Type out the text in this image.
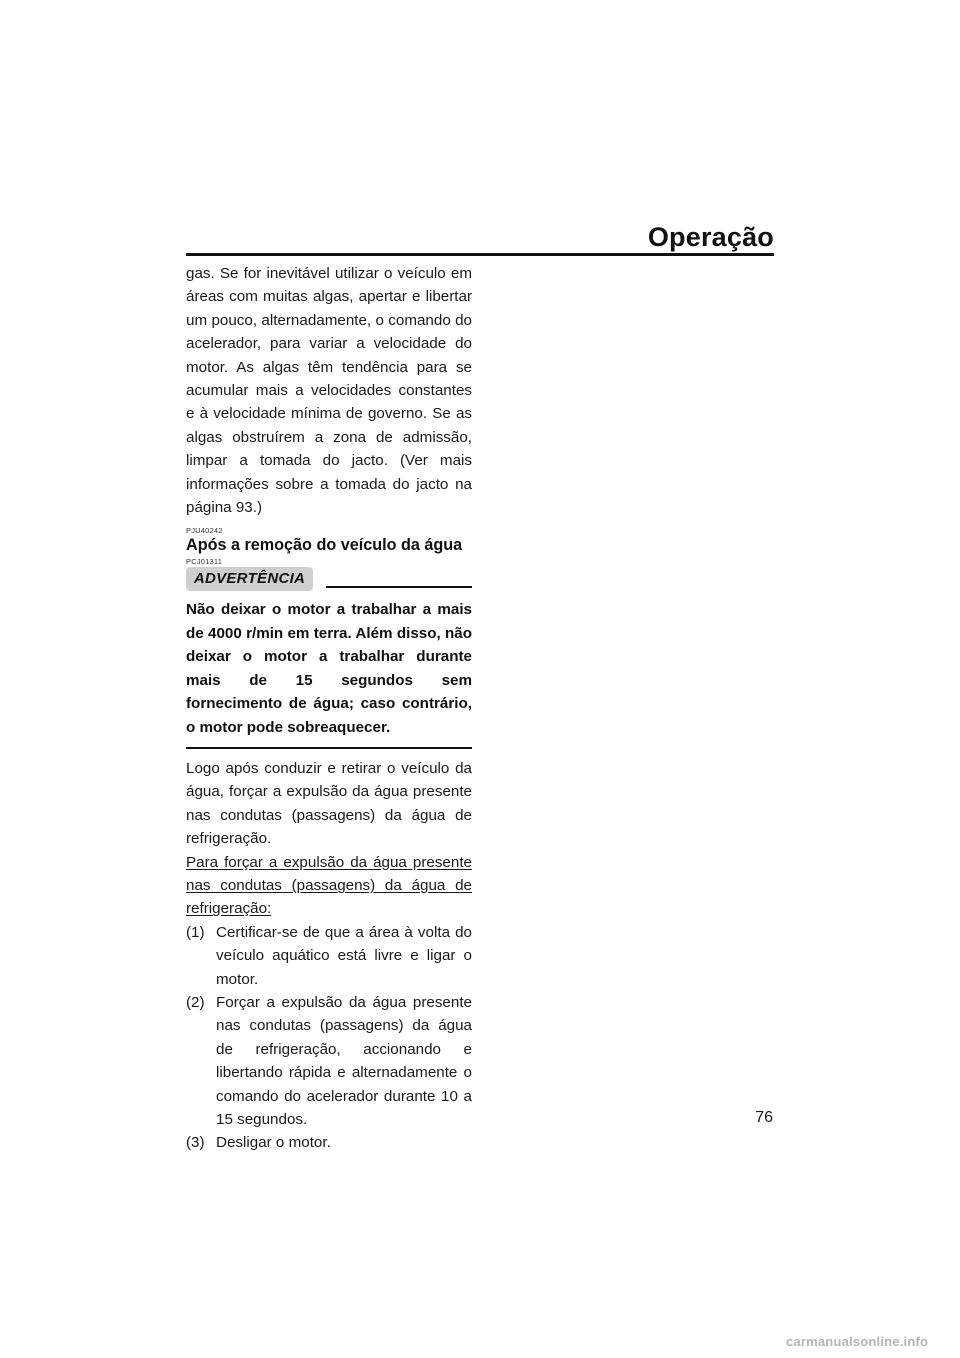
Operação

gas. Se for inevitável utilizar o veículo em áreas com muitas algas, apertar e libertar um pouco, alternadamente, o comando do acelerador, para variar a velocidade do motor. As algas têm tendência para se acumular mais a velocidades constantes e à velocidade mínima de governo. Se as algas obstruírem a zona de admissão, limpar a tomada do jacto. (Ver mais informações sobre a tomada do jacto na página 93.)

PJU40242

Após a remoção do veículo da água

PCJ01311

ADVERTÊNCIA

Não deixar o motor a trabalhar a mais de 4000 r/min em terra. Além disso, não deixar o motor a trabalhar durante mais de 15 segundos sem fornecimento de água; caso contrário, o motor pode sobreaquecer.

Logo após conduzir e retirar o veículo da água, forçar a expulsão da água presente nas condutas (passagens) da água de refrigeração.

Para forçar a expulsão da água presente nas condutas (passagens) da água de refrigeração:

(1) Certificar-se de que a área à volta do veículo aquático está livre e ligar o motor.
(2) Forçar a expulsão da água presente nas condutas (passagens) da água de refrigeração, accionando e libertando rápida e alternadamente o comando do acelerador durante 10 a 15 segundos.
(3) Desligar o motor.
76
carmanualsonline.info
